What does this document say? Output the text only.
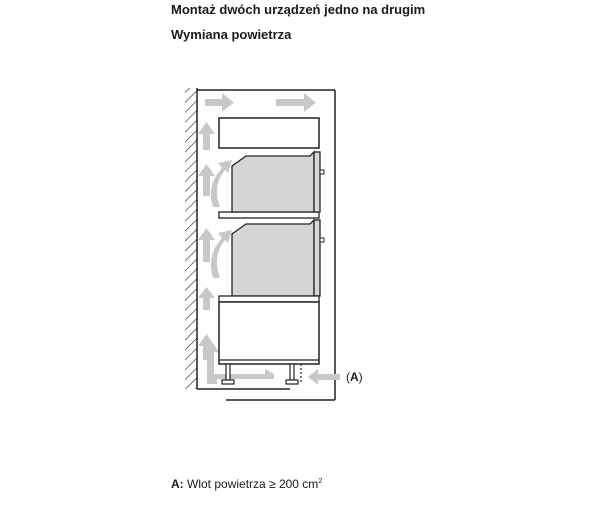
Montaż dwóch urządzeń jedno na drugim
Wymiana powietrza
(A)
A: Wlot powietrza ≥ 200 $cm^2$
